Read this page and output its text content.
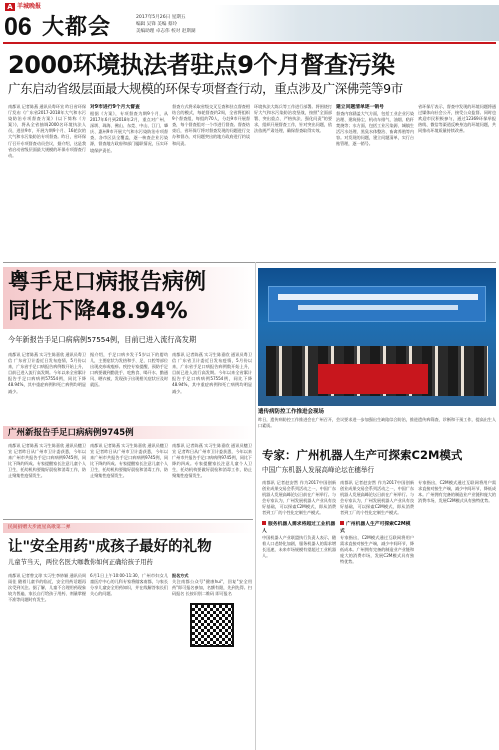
A 羊城晚报
06 大都会	2017年5月26日 星期五
编辑 吴锋 美编 蔡玲
美编助理 卓志伟 校对 赵斯湖
2000环境执法者驻点9个月督查污染
广东启动省级层面最大规模的环保专项督查行动，重点涉及广深佛莞等9市
南都讯 记者陈燕 通讯员粤环宣 昨日省环保厅发布《广东省2017-2018年大气和水污染防治专项督查方案》(以下简称《方案》)，将从全省抽调2000名环境执法人员，进驻9市，开展为期9个月、16轮次的大气和水污染防治专项督查。昨日，省环保厅召开专项督查动员会议，据介绍，这是我省启动省级层面最大规模的环保专项督查行动。
对9市进行9个月大督查
根据《方案》，专项督查为期9个月，从2017年6月到2018年2月，重点对广州、深圳、珠海、佛山、东莞、中山、江门、肇庆、惠州9市开展大气和水污染防治专项督查，各市区县全覆盖，逐一核查企业污染源，督查地方政府和部门履职情况，压实环境保护责任。
督查方式将采取省级交叉互查和驻点督查相结合的模式，每轮督查约2周，全省将组织9个督查组，每组约70人，分赴9市开展督查，每个督查组对一个市进行督查。督查结束后，省环保厅将对督查发现的问题进行交办和督办，对问题突出的地方政府进行约谈和问责。
环境执法大练兵等工作进行部署。将围绕打好大气和水污染防治攻坚战，按照"全面部署、突出重点、严格执法、强化问责"的要求，组织开展督查工作，针对突出问题，依法依规严肃处理，确保督查取得实效。
建立问题清单逐一销号
督查内容涵盖大气方面，包括工业企业污染治理、建筑扬尘、机动车排气、油烟、秸秆焚烧等；水方面，包括工业污染源、城镇生活污水处理、黑臭水体整治、畜禽养殖等内容。对发现的问题，建立问题清单，实行台账管理，逐一销号。
省环保厅表示，督查中发现的环境问题将通过媒体向社会公开，接受公众监督。同时也欢迎市民积极参与，通过12369环保举报热线、微信等渠道反映身边的环境问题，共同推动环境质量持续改善。
粤手足口病报告病例
同比下降48.94%
今年新报告手足口病病例57554例，目前已进入流行高发期
南都讯 记者陈燕 实习生陈嘉欣 通讯员粤卫信 广东省卫计委近日发布疫情，5月份以来，广东省手足口病报告病例数开始上升，目前已进入流行高发期。今年以来全省累计报告手足口病病例57554例，同比下降48.94%，其中重症病例和死亡病例均明显减少。
据介绍，手足口病多发于5岁以下的婴幼儿，主要症状为发热和手、足、口腔等部位出现皮疹或疱疹。疾控专家提醒，预防手足口病要做到勤洗手、吃熟食、喝开水、勤通风、晒衣被，发现孩子出现相关症状应及时就医。
南都讯 记者陈燕 实习生陈嘉欣 通讯员粤卫信 广东省卫计委近日发布疫情，5月份以来，广东省手足口病报告病例数开始上升，目前已进入流行高发期。今年以来全省累计报告手足口病病例57554例，同比下降48.94%，其中重症病例和死亡病例均明显减少。
遗传病防控工作推进会现场
昨日，遗传病防控工作推进会在广州召开，会议要求进一步加强出生缺陷综合防治，推进遗传病筛查、诊断和干预工作，提高出生人口素质。
广州新报告手足口病病例9745例
南都讯 记者陈燕 实习生陈嘉欣 通讯员穗卫宣 记者昨日从广州市卫计委获悉，今年以来广州市共报告手足口病病例9745例，同比下降约四成。专家提醒家长注意儿童个人卫生，托幼机构要做好晨检和消毒工作，防止聚集性疫情发生。
南都讯 记者陈燕 实习生陈嘉欣 通讯员穗卫宣 记者昨日从广州市卫计委获悉，今年以来广州市共报告手足口病病例9745例，同比下降约四成。专家提醒家长注意儿童个人卫生，托幼机构要做好晨检和消毒工作，防止聚集性疫情发生。
南都讯 记者陈燕 实习生陈嘉欣 通讯员穗卫宣 记者昨日从广州市卫计委获悉，今年以来广州市共报告手足口病病例9745例，同比下降约四成。专家提醒家长注意儿童个人卫生，托幼机构要做好晨检和消毒工作，防止聚集性疫情发生。
民间捐赠大步流星高歌第二弹
让"安全用药"成孩子最好的礼物
儿童节当天，两位名医大咖教你如何正确给孩子用药
南都讯 记者曾文琼 实习生李妙颖 通讯员周雨佳 随着儿童节的临近，安全用药话题再次受到关注。据了解，儿童不合理用药现象较为普遍，家长自行给孩子用药、剂量掌握不准等问题时有发生。
6月1日上午10:00-11:30，广州市妇女儿童医疗中心的儿科专家将做客南都，与家长分享儿童安全用药知识，并在线解答家长们关心的问题。
报名方式
关注南都公众号"健康hui"，回复"安全用药"即可报名参加，名额有限，先到先得。扫码报名 长按识别二维码 即可报名
专家：广州机器人生产可探索C2M模式
中国广东机器人发展高峰论坛在穗举行
南都讯 记者赵安然 作为2017中国创新创业成果交易会系列活动之一，中国广东机器人发展高峰论坛日前在广州举行。与会专家认为，广州发展机器人产业具有良好基础，可以探索C2M模式，即从消费者到工厂的个性化定制生产模式。
服务机器人需求将超过工业机器人
中国机器人产业联盟执行负责人表示，随着人口老龄化加剧，服务机器人的需求增长迅速，未来市场规模有望超过工业机器人。
南都讯 记者赵安然 作为2017中国创新创业成果交易会系列活动之一，中国广东机器人发展高峰论坛日前在广州举行。与会专家认为，广州发展机器人产业具有良好基础，可以探索C2M模式，即从消费者到工厂的个性化定制生产模式。
广州机器人生产可探索C2M模式
专家指出，C2M模式通过互联网将用户需求直接对接生产端，减少中间环节，降低成本。广州拥有完备的制造业产业链和庞大的消费市场，发展C2M模式具有独特优势。
专家指出，C2M模式通过互联网将用户需求直接对接生产端，减少中间环节，降低成本。广州拥有完备的制造业产业链和庞大的消费市场，发展C2M模式具有独特优势。
